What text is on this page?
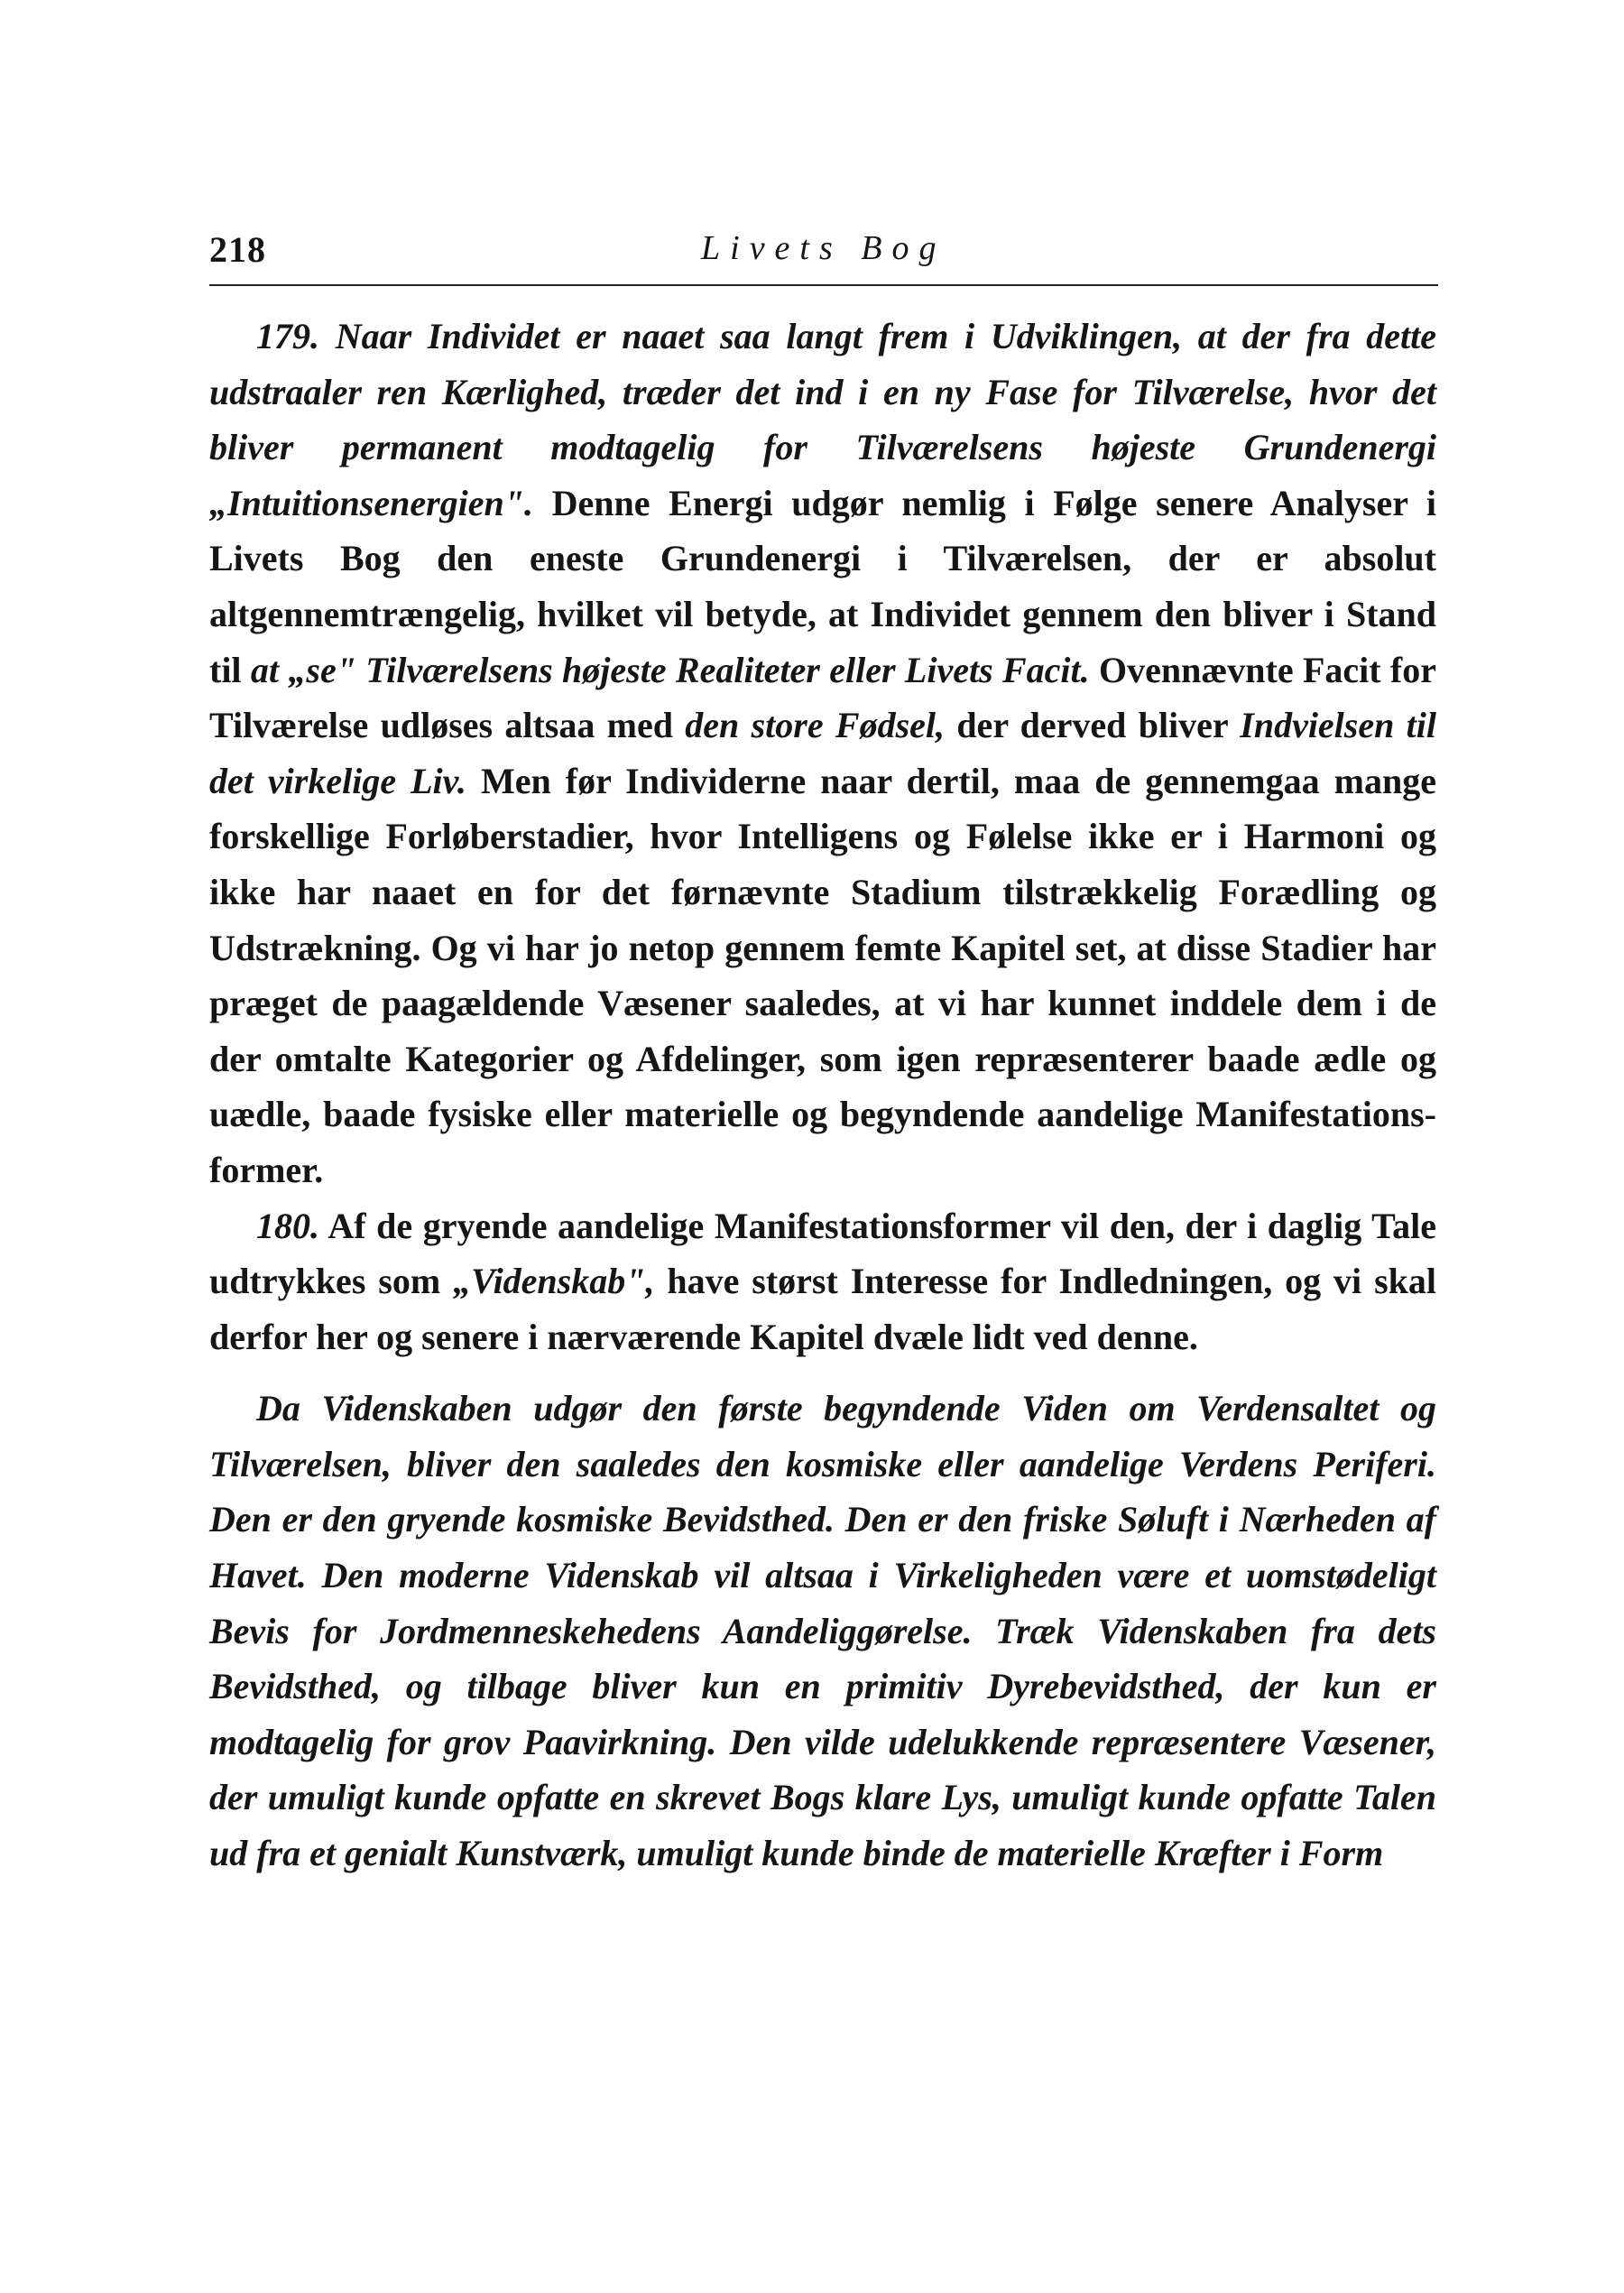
218	Livets Bog

179. Naar Individet er naaet saa langt frem i Udviklingen, at der fra dette udstraaler ren Kærlighed, træder det ind i en ny Fase for Tilværelse, hvor det bliver permanent modtagelig for Tilværelsens højeste Grundenergi „Intuitionsenergien". Denne Energi udgør nemlig i Følge senere Analyser i Livets Bog den eneste Grundenergi i Tilværelsen, der er absolut altgennemtrængelig, hvilket vil betyde, at Individet gennem den bliver i Stand til at „se" Tilværelsens højeste Realiteter eller Livets Facit. Ovennævnte Facit for Tilværelse udløses altsaa med den store Fødsel, der derved bliver Indvielsen til det virkelige Liv. Men før Individerne naar dertil, maa de gennemgaa mange forskellige Forløberstadier, hvor Intelligens og Følelse ikke er i Harmoni og ikke har naaet en for det førnævnte Stadium tilstrækkelig Forædling og Udstrækning. Og vi har jo netop gennem femte Kapitel set, at disse Stadier har præget de paagældende Væsener saaledes, at vi har kunnet inddele dem i de der omtalte Kategorier og Afdelinger, som igen repræsenterer baade ædle og uædle, baade fysiske eller materielle og begyndende aandelige Manifestationsformer.

180. Af de gryende aandelige Manifestationsformer vil den, der i daglig Tale udtrykkes som „Videnskab", have størst Interesse for Indledningen, og vi skal derfor her og senere i nærværende Kapitel dvæle lidt ved denne.

Da Videnskaben udgør den første begyndende Viden om Verdensaltet og Tilværelsen, bliver den saaledes den kosmiske eller aandelige Verdens Periferi. Den er den gryende kosmiske Bevidsthed. Den er den friske Søluft i Nærheden af Havet. Den moderne Videnskab vil altsaa i Virkeligheden være et uomstødeligt Bevis for Jordmenneskehedens Aandeliggørelse. Træk Videnskaben fra dets Bevidsthed, og tilbage bliver kun en primitiv Dyrebevidsthed, der kun er modtagelig for grov Paavirkning. Den vilde udelukkende repræsentere Væsener, der umuligt kunde opfatte en skrevet Bogs klare Lys, umuligt kunde opfatte Talen ud fra et genialt Kunstværk, umuligt kunde binde de materielle Kræfter i Form
